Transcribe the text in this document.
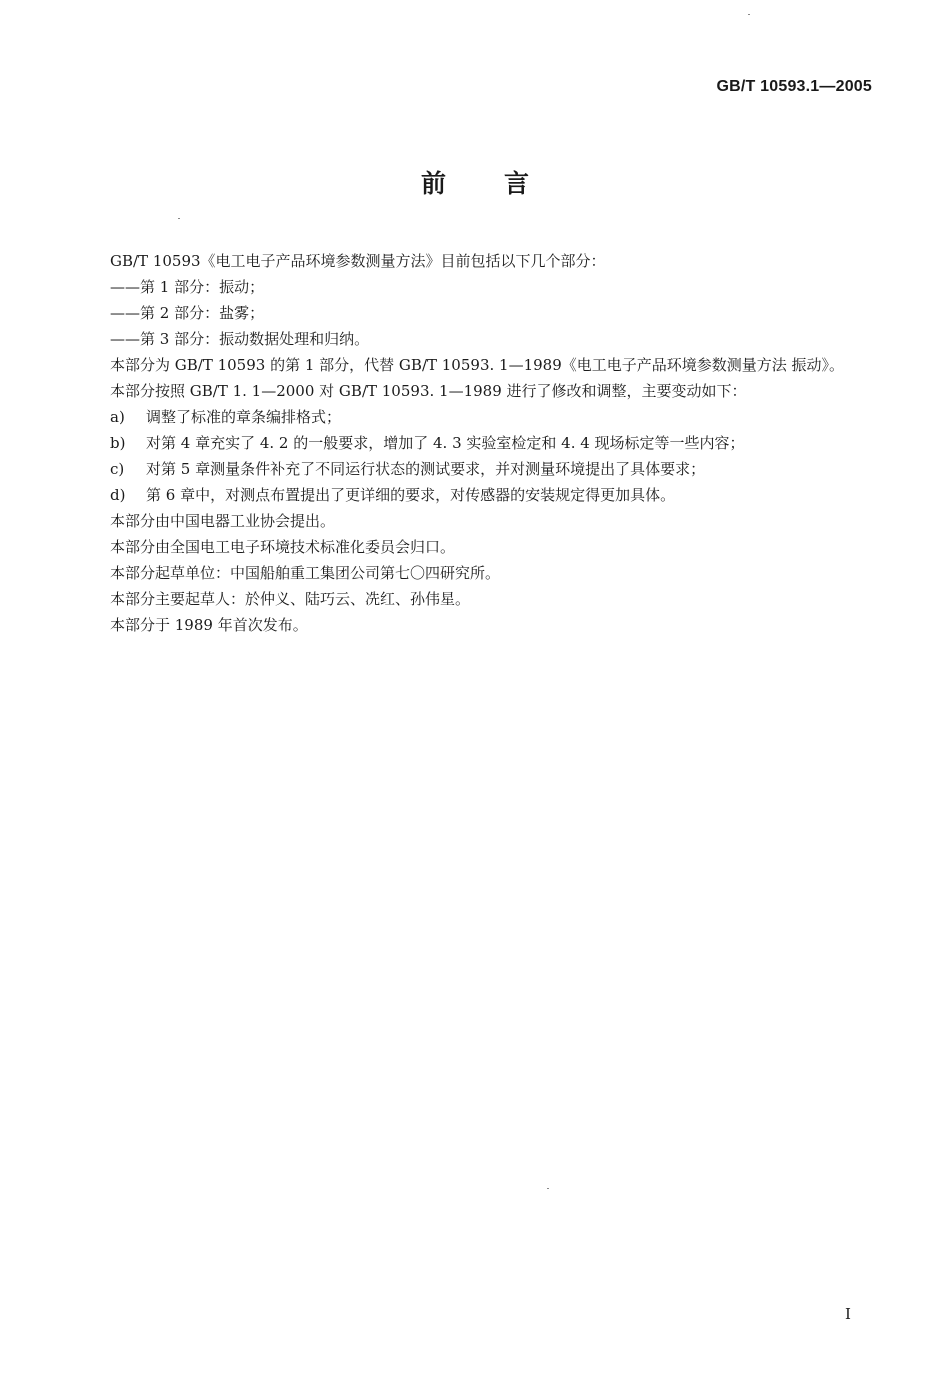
GB/T 10593.1—2005
前言

GB/T 10593《电工电子产品环境参数测量方法》目前包括以下几个部分：

——第 1 部分：振动；

——第 2 部分：盐雾；

——第 3 部分：振动数据处理和归纳。

本部分为 GB/T 10593 的第 1 部分，代替 GB/T 10593. 1—1989《电工电子产品环境参数测量方法 振动》。

本部分按照 GB/T 1. 1—2000 对 GB/T 10593. 1—1989 进行了修改和调整，主要变动如下：

a) 调整了标准的章条编排格式；

b) 对第 4 章充实了 4. 2 的一般要求，增加了 4. 3 实验室检定和 4. 4 现场标定等一些内容；

c) 对第 5 章测量条件补充了不同运行状态的测试要求，并对测量环境提出了具体要求；

d) 第 6 章中，对测点布置提出了更详细的要求，对传感器的安装规定得更加具体。

本部分由中国电器工业协会提出。

本部分由全国电工电子环境技术标准化委员会归口。

本部分起草单位：中国船舶重工集团公司第七〇四研究所。

本部分主要起草人：於仲义、陆巧云、冼红、孙伟星。

本部分于 1989 年首次发布。

I
